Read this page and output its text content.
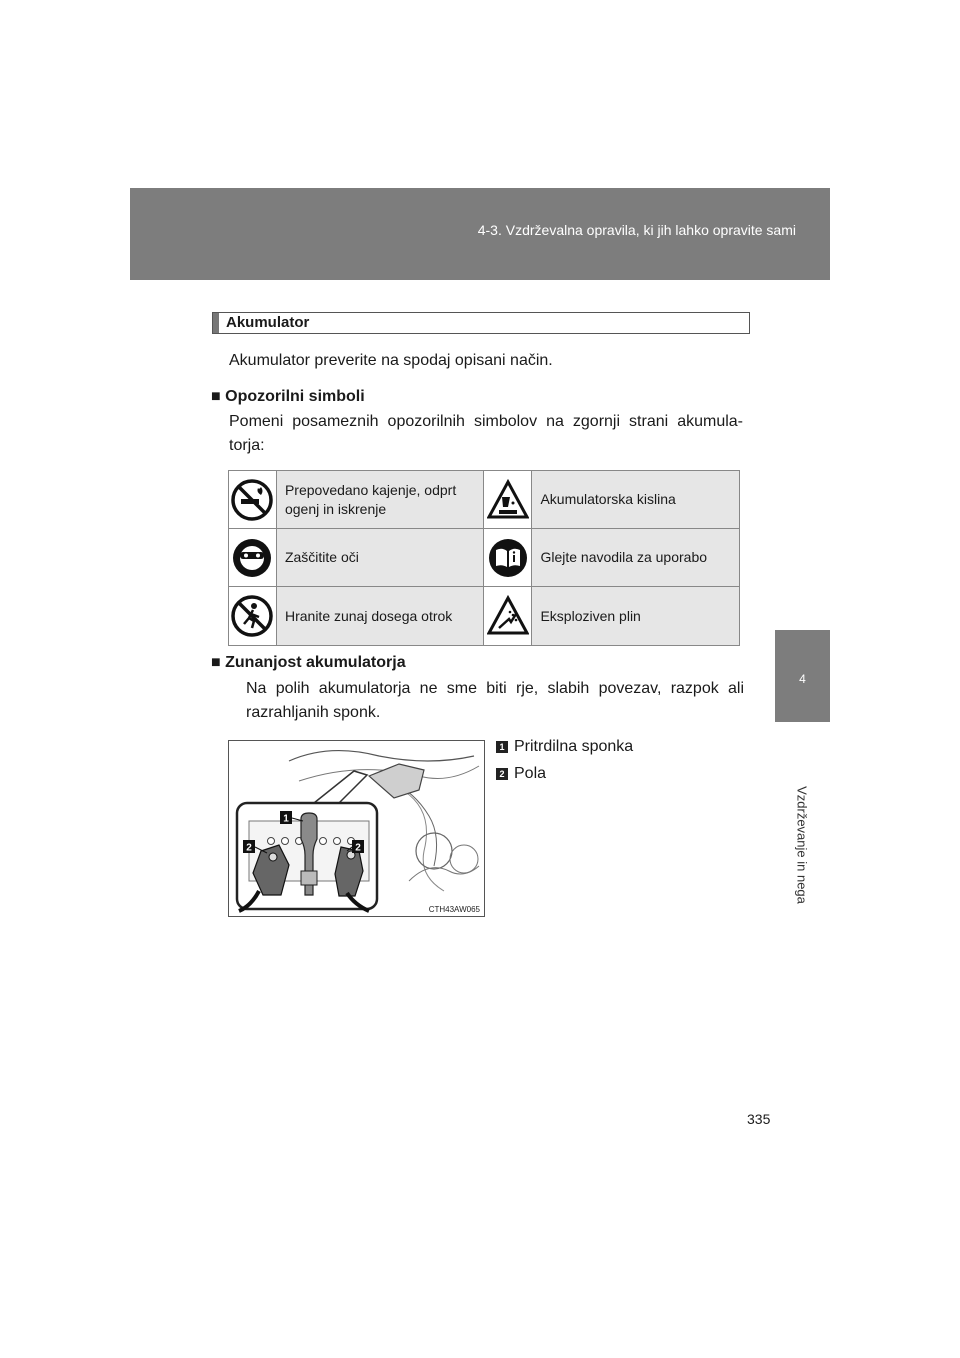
4-3. Vzdrževalna opravila, ki jih lahko opravite sami
4
Vzdrževanje in nega
Akumulator
Akumulator preverite na spodaj opisani način.
■ Opozorilni simboli
Pomeni posameznih opozorilnih simbolov na zgornji strani akumula-torja:
	Prepovedano kajenje, odprt ogenj in iskrenje		Akumulatorska kislina

	Zaščitite oči		Glejte navodila za uporabo

	Hranite zunaj dosega otrok		Eksploziven plin
■ Zunanjost akumulatorja
Na polih akumulatorja ne sme biti rje, slabih povezav, razpok ali razrahljanih sponk.
1
2	2
CTH43AW065
1 Pritrdilna sponka
2 Pola
335
